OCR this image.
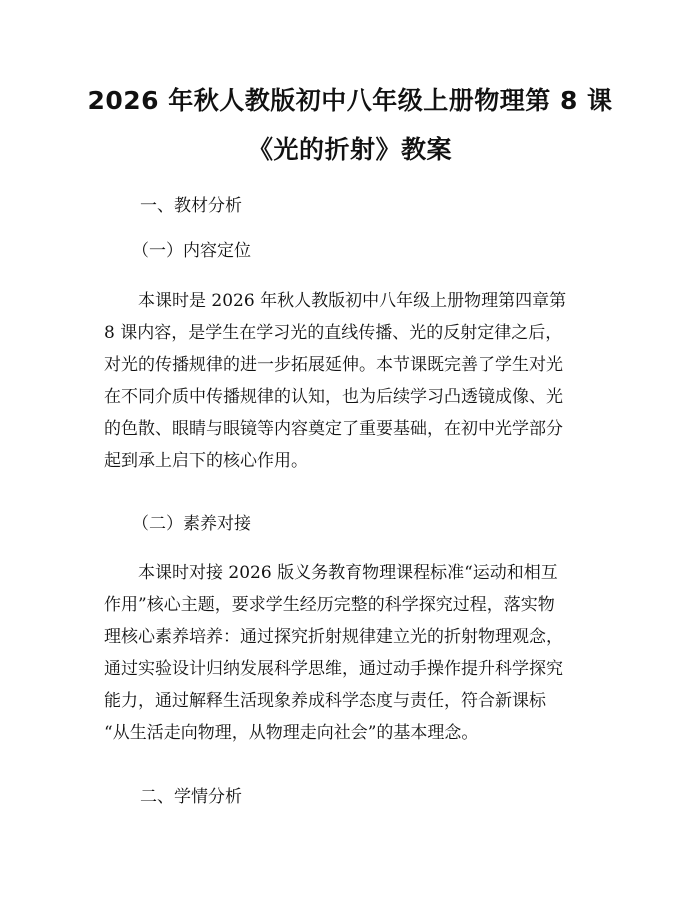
2026 年秋人教版初中八年级上册物理第 8 课
《光的折射》教案
一、教材分析
（一）内容定位
本课时是 2026 年秋人教版初中八年级上册物理第四章第
8 课内容，是学生在学习光的直线传播、光的反射定律之后，
对光的传播规律的进一步拓展延伸。本节课既完善了学生对光
在不同介质中传播规律的认知，也为后续学习凸透镜成像、光
的色散、眼睛与眼镜等内容奠定了重要基础，在初中光学部分
起到承上启下的核心作用。
（二）素养对接
本课时对接 2026 版义务教育物理课程标准“运动和相互
作用”核心主题，要求学生经历完整的科学探究过程，落实物
理核心素养培养：通过探究折射规律建立光的折射物理观念，
通过实验设计归纳发展科学思维，通过动手操作提升科学探究
能力，通过解释生活现象养成科学态度与责任，符合新课标
“从生活走向物理，从物理走向社会”的基本理念。
二、学情分析
